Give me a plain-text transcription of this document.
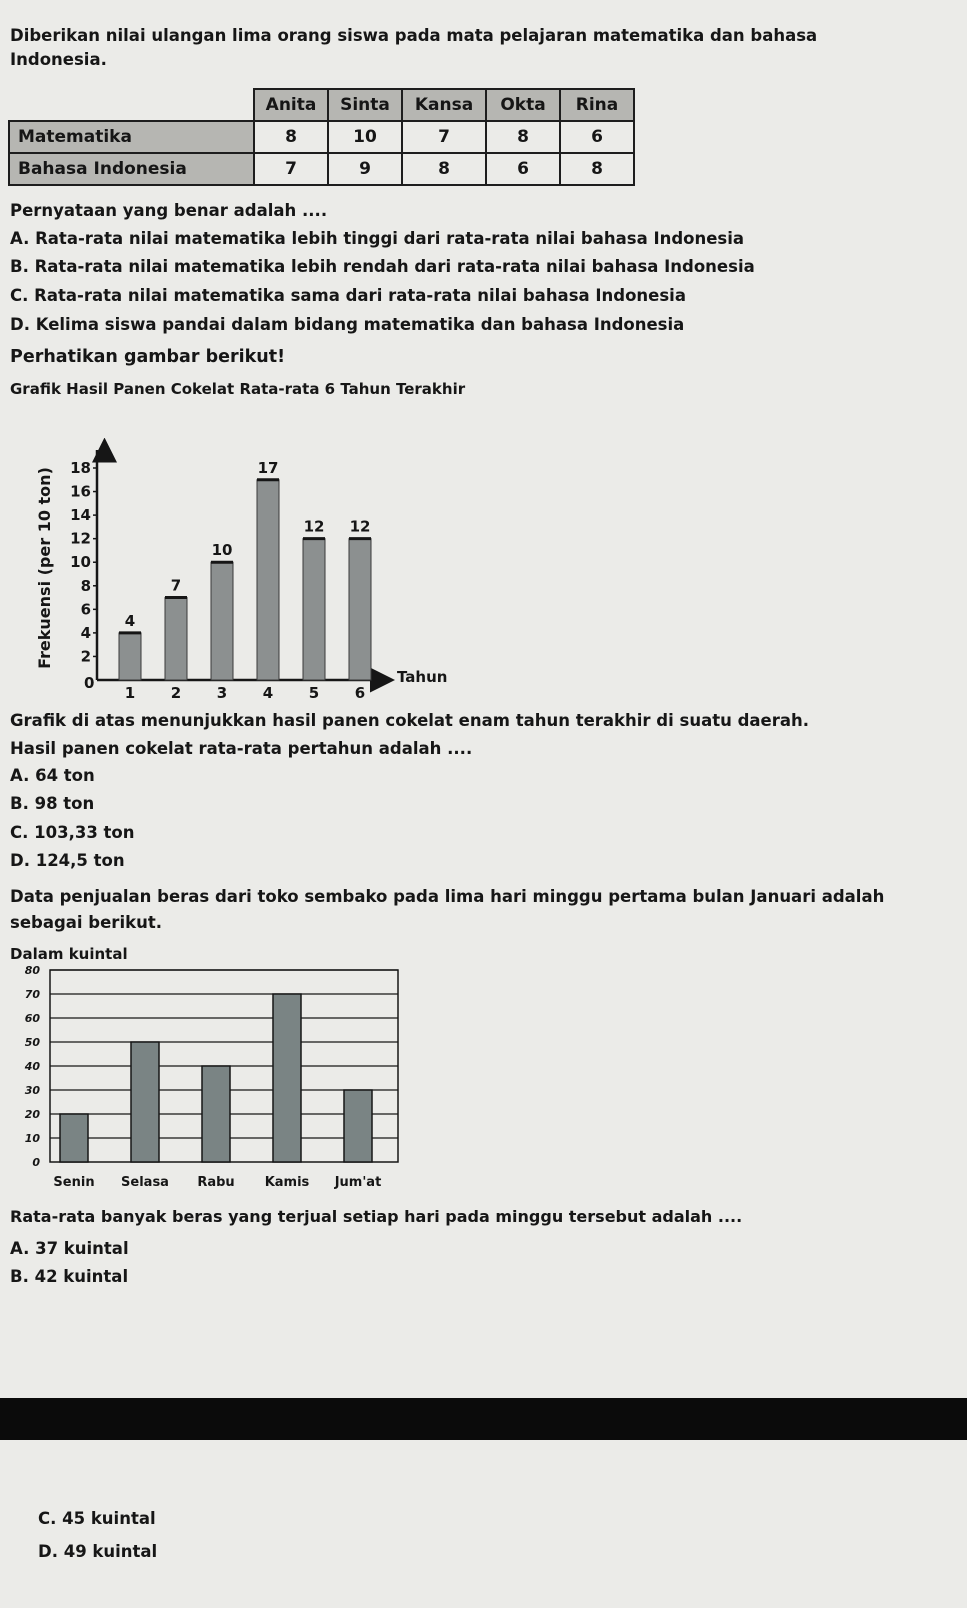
Diberikan nilai ulangan lima orang siswa pada mata pelajaran matematika dan bahasa Indonesia.
	Anita	Sinta	Kansa	Okta	Rina
Matematika	8	10	7	8	6
Bahasa Indonesia	7	9	8	6	8
Pernyataan yang benar adalah ....
A. Rata-rata nilai matematika lebih tinggi dari rata-rata nilai bahasa Indonesia
B. Rata-rata nilai matematika lebih rendah dari rata-rata nilai bahasa Indonesia
C. Rata-rata nilai matematika sama dari rata-rata nilai bahasa Indonesia
D. Kelima siswa pandai dalam bidang matematika dan bahasa Indonesia
Perhatikan gambar berikut!
Grafik Hasil Panen Cokelat Rata-rata 6 Tahun Terakhir
Frekuensi (per 10 ton)
Tahun
0
2
4
6
8
10
12
14
16
18
4
1
7
2
10
3
17
4
12
5
12
6
Grafik di atas menunjukkan hasil panen cokelat enam tahun terakhir di suatu daerah.
Hasil panen cokelat rata-rata pertahun adalah ....
A. 64 ton
B. 98 ton
C. 103,33 ton
D. 124,5 ton
Data penjualan beras dari toko sembako pada lima hari minggu pertama bulan Januari adalah sebagai berikut.
Dalam kuintal
0
10
20
30
40
50
60
70
80
Senin Selasa Rabu Kamis Jum'at
Rata-rata banyak beras yang terjual setiap hari pada minggu tersebut adalah ....
A. 37 kuintal
B. 42 kuintal
C. 45 kuintal
D. 49 kuintal
